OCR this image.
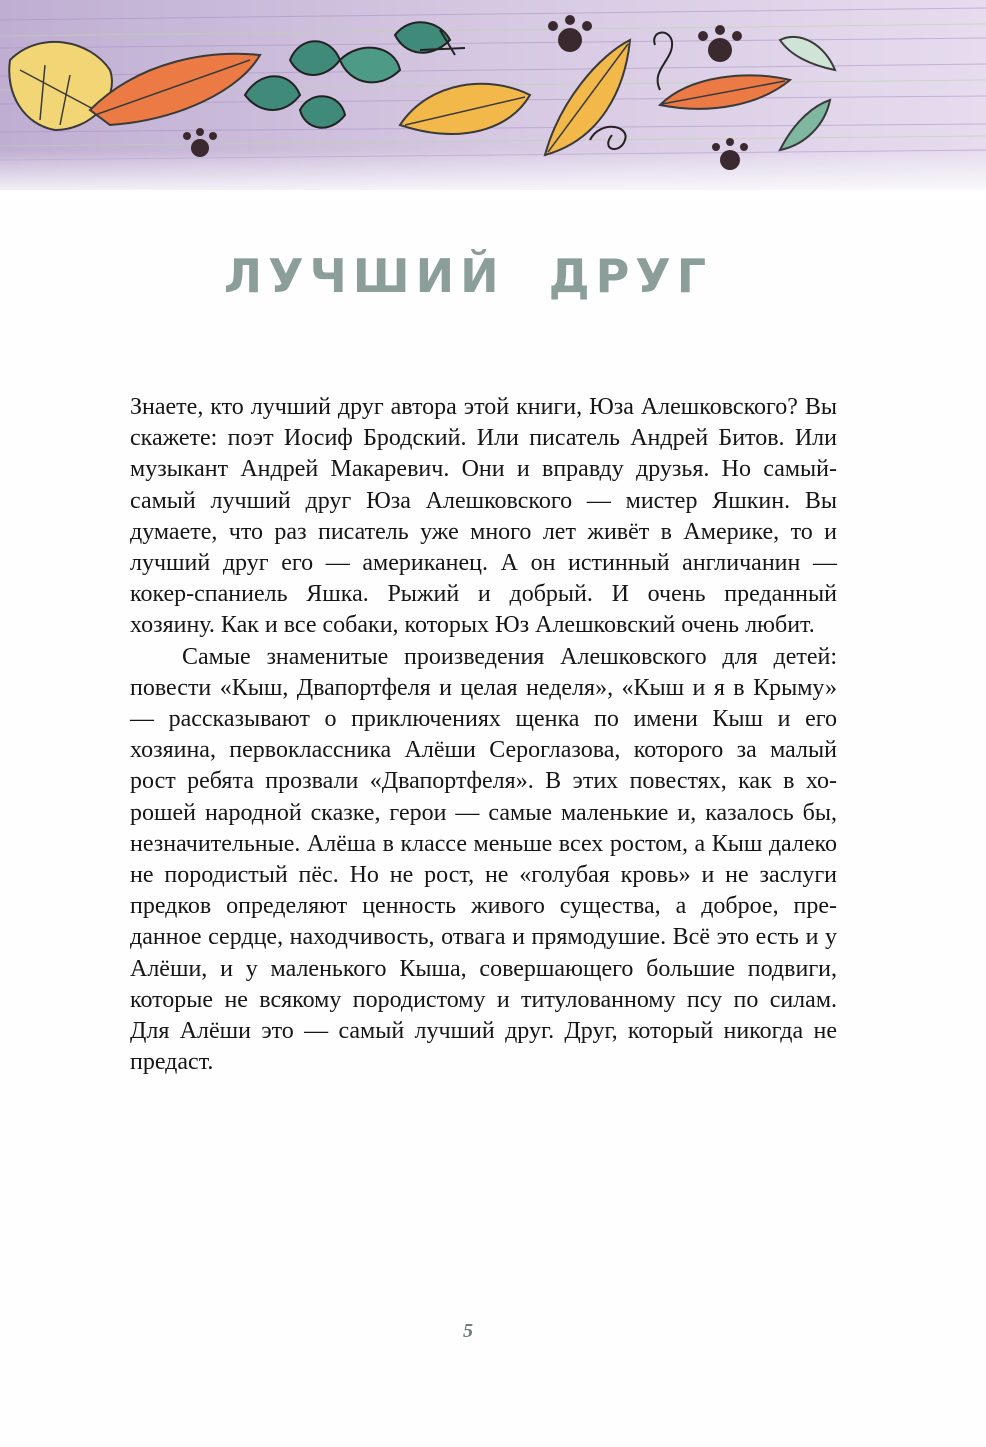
ЛУЧШИЙ ДРУГ

Знаете, кто лучший друг автора этой книги, Юза Алешковского? Вы скажете: поэт Иосиф Бродский. Или писатель Андрей Битов. Или музыкант Андрей Макаревич. Они и вправду друзья. Но самый-самый лучший друг Юза Алешковского — мистер Яшкин. Вы думаете, что раз писатель уже много лет живёт в Америке, то и лучший друг его — американец. А он истинный англичанин — кокер-спаниель Яшка. Рыжий и добрый. И очень преданный хозяину. Как и все собаки, которых Юз Алешковский очень любит.

Самые знаменитые произведения Алешковского для детей: повести «Кыш, Двапортфеля и целая неделя», «Кыш и я в Крыму» — рассказывают о приключениях щенка по имени Кыш и его хозяина, первоклассника Алёши Сероглазова, которого за малый рост ребята прозвали «Двапортфеля». В этих повестях, как в хорошей народной сказке, герои — самые маленькие и, казалось бы, незначительные. Алёша в классе меньше всех ростом, а Кыш далеко не породистый пёс. Но не рост, не «голубая кровь» и не заслуги предков определяют ценность живого существа, а доброе, преданное сердце, находчивость, отвага и прямодушие. Всё это есть и у Алёши, и у маленького Кыша, совершающего большие подвиги, которые не всякому породистому и титулованному псу по силам. Для Алёши это — самый лучший друг. Друг, который никогда не предаст.

5
